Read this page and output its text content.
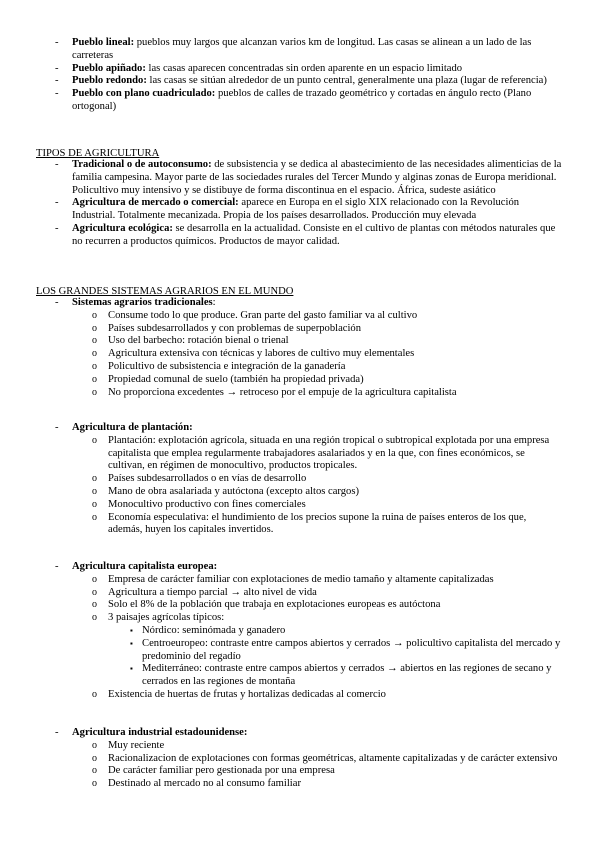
- Pueblo lineal: pueblos muy largos que alcanzan varios km de longitud. Las casas se alinean a un lado de las carreteras
- Pueblo apiñado: las casas aparecen concentradas sin orden aparente en un espacio limitado
- Pueblo redondo: las casas se sitúan alrededor de un punto central, generalmente una plaza (lugar de referencia)
- Pueblo con plano cuadriculado: pueblos de calles de trazado geométrico y cortadas en ángulo recto (Plano ortogonal)
TIPOS DE AGRICULTURA
- Tradicional o de autoconsumo: de subsistencia y se dedica al abastecimiento de las necesidades alimenticias de la familia campesina. Mayor parte de las sociedades rurales del Tercer Mundo y alginas zonas de Europa meridional. Policultivo muy intensivo y se distibuye de forma discontinua en el espacio. África, sudeste asiático
- Agricultura de mercado o comercial: aparece en Europa en el siglo XIX relacionado con la Revolución Industrial. Totalmente mecanizada. Propia de los países desarrollados. Producción muy elevada
- Agricultura ecológica: se desarrolla en la actualidad. Consiste en el cultivo de plantas con métodos naturales que no recurren a productos químicos. Productos de mayor calidad.
LOS GRANDES SISTEMAS AGRARIOS EN EL MUNDO
- Sistemas agrarios tradicionales:
o Consume todo lo que produce. Gran parte del gasto familiar va al cultivo
o Países subdesarrollados y con problemas de superpoblación
o Uso del barbecho: rotación bienal o trienal
o Agricultura extensiva con técnicas y labores de cultivo muy elementales
o Policultivo de subsistencia e integración de la ganadería
o Propiedad comunal de suelo (también ha propiedad privada)
o No proporciona excedentes → retroceso por el empuje de la agricultura capitalista
- Agricultura de plantación:
o Plantación: explotación agrícola, situada en una región tropical o subtropical explotada por una empresa capitalista que emplea regularmente trabajadores asalariados y en la que, con fines económicos, se cultivan, en régimen de monocultivo, productos tropicales.
o Países subdesarrollados o en vías de desarrollo
o Mano de obra asalariada y autóctona (excepto altos cargos)
o Monocultivo productivo con fines comerciales
o Economía especulativa: el hundimiento de los precios supone la ruina de países enteros de los que, además, huyen los capitales invertidos.
- Agricultura capitalista europea:
o Empresa de carácter familiar con explotaciones de medio tamaño y altamente capitalizadas
o Agricultura a tiempo parcial → alto nivel de vida
o Solo el 8% de la población que trabaja en explotaciones europeas es autóctona
o 3 paisajes agrícolas típicos:
▪ Nórdico: seminómada y ganadero
▪ Centroeuropeo: contraste entre campos abiertos y cerrados → policultivo capitalista del mercado y predominio del regadío
▪ Mediterráneo: contraste entre campos abiertos y cerrados → abiertos en las regiones de secano y cerrados en las regiones de montaña
o Existencia de huertas de frutas y hortalizas dedicadas al comercio
- Agricultura industrial estadounidense:
o Muy reciente
o Racionalizacion de explotaciones con formas geométricas, altamente capitalizadas y de carácter extensivo
o De carácter familiar pero gestionada por una empresa
o Destinado al mercado no al consumo familiar
